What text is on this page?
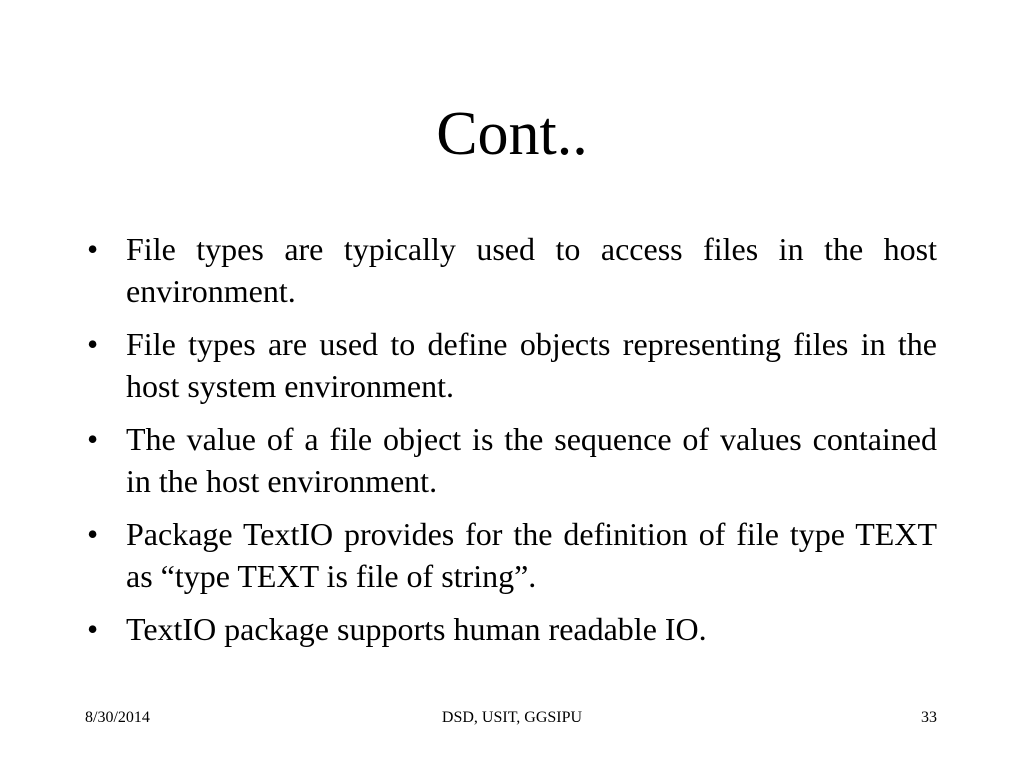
Cont..
• File types are typically used to access files in the host environment.
• File types are used to define objects representing files in the host system environment.
• The value of a file object is the sequence of values contained in the host environment.
• Package TextIO provides for the definition of file type TEXT as “type TEXT is file of string”.
• TextIO package supports human readable IO.
8/30/2014	DSD, USIT, GGSIPU	33
